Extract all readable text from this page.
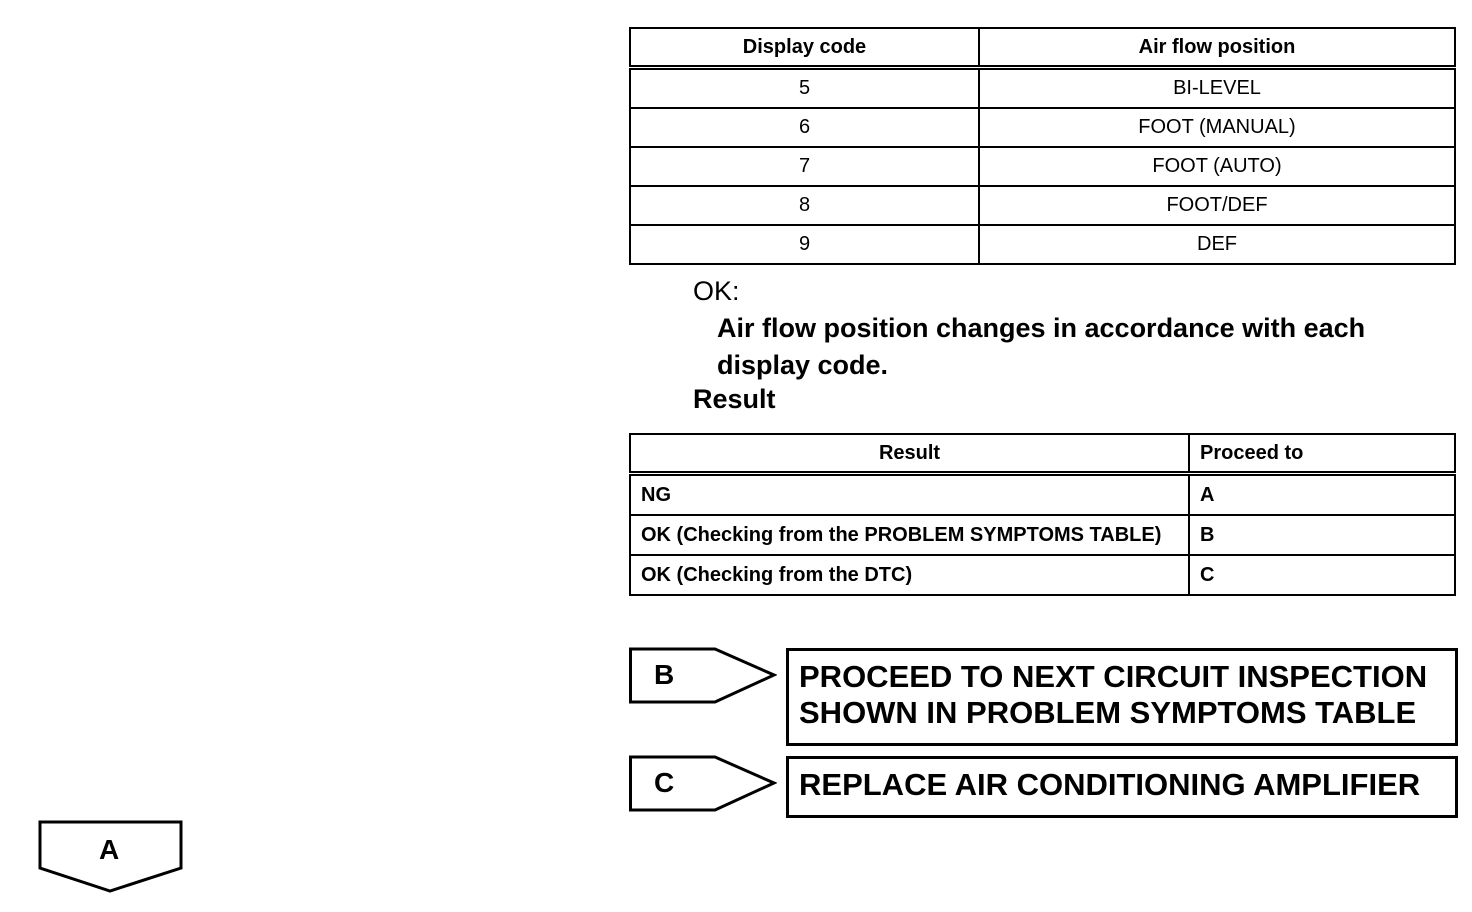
Display code	Air flow position
5	BI-LEVEL
6	FOOT (MANUAL)
7	FOOT (AUTO)
8	FOOT/DEF
9	DEF
OK:
Air flow position changes in accordance with each display code.
Result
Result	Proceed to
NG	A
OK (Checking from the PROBLEM SYMPTOMS TABLE)	B
OK (Checking from the DTC)	C
B	PROCEED TO NEXT CIRCUIT INSPECTION SHOWN IN PROBLEM SYMPTOMS TABLE
C	REPLACE AIR CONDITIONING AMPLIFIER
A
